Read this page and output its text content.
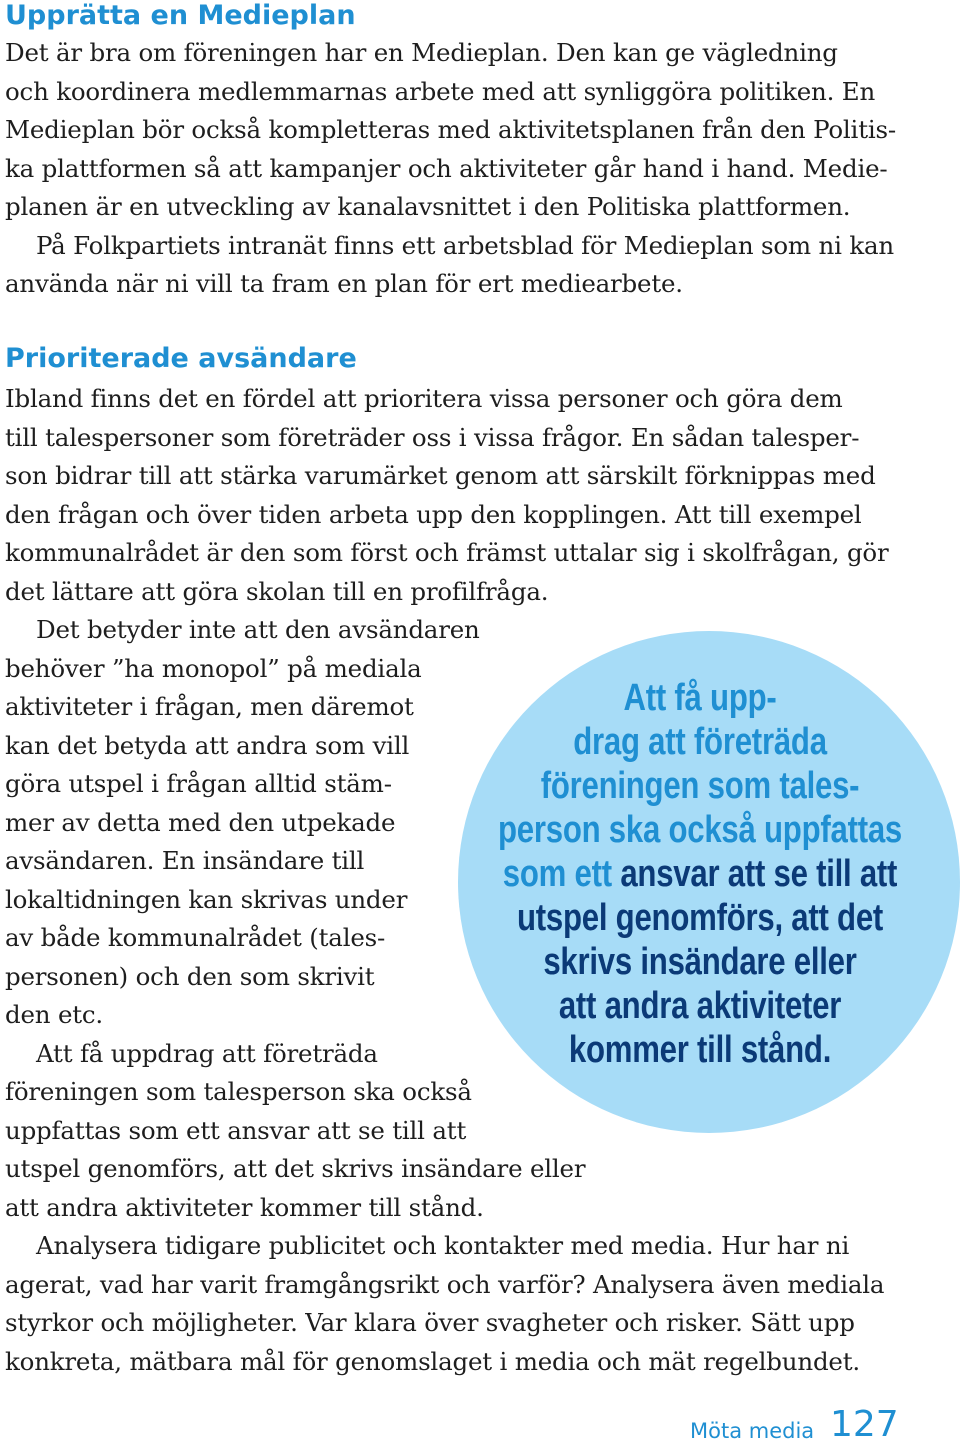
Upprätta en Medieplan
Det är bra om föreningen har en Medieplan. Den kan ge vägledning
och koordinera medlemmarnas arbete med att synliggöra politiken. En
Medieplan bör också kompletteras med aktivitetsplanen från den Politis-
ka plattformen så att kampanjer och aktiviteter går hand i hand. Medie-
planen är en utveckling av kanalavsnittet i den Politiska plattformen.
På Folkpartiets intranät finns ett arbetsblad för Medieplan som ni kan
använda när ni vill ta fram en plan för ert mediearbete.
Prioriterade avsändare
Ibland finns det en fördel att prioritera vissa personer och göra dem
till talespersoner som företräder oss i vissa frågor. En sådan talesper-
son bidrar till att stärka varumärket genom att särskilt förknippas med
den frågan och över tiden arbeta upp den kopplingen. Att till exempel
kommunalrådet är den som först och främst uttalar sig i skolfrågan, gör
det lättare att göra skolan till en profilfråga.
Att få upp-
drag att företräda
föreningen som tales-
person ska också uppfattas
som ett ansvar att se till att
utspel genomförs, att det
skrivs insändare eller
att andra aktiviteter
kommer till stånd.
Det betyder inte att den avsändaren
behöver ”ha monopol” på mediala
aktiviteter i frågan, men däremot
kan det betyda att andra som vill
göra utspel i frågan alltid stäm-
mer av detta med den utpekade
avsändaren. En insändare till
lokaltidningen kan skrivas under
av både kommunalrådet (tales-
personen) och den som skrivit
den etc.
Att få uppdrag att företräda
föreningen som talesperson ska också
uppfattas som ett ansvar att se till att
utspel genomförs, att det skrivs insändare eller
att andra aktiviteter kommer till stånd.
Analysera tidigare publicitet och kontakter med media. Hur har ni
agerat, vad har varit framgångsrikt och varför? Analysera även mediala
styrkor och möjligheter. Var klara över svagheter och risker. Sätt upp
konkreta, mätbara mål för genomslaget i media och mät regelbundet.
Möta media 127
